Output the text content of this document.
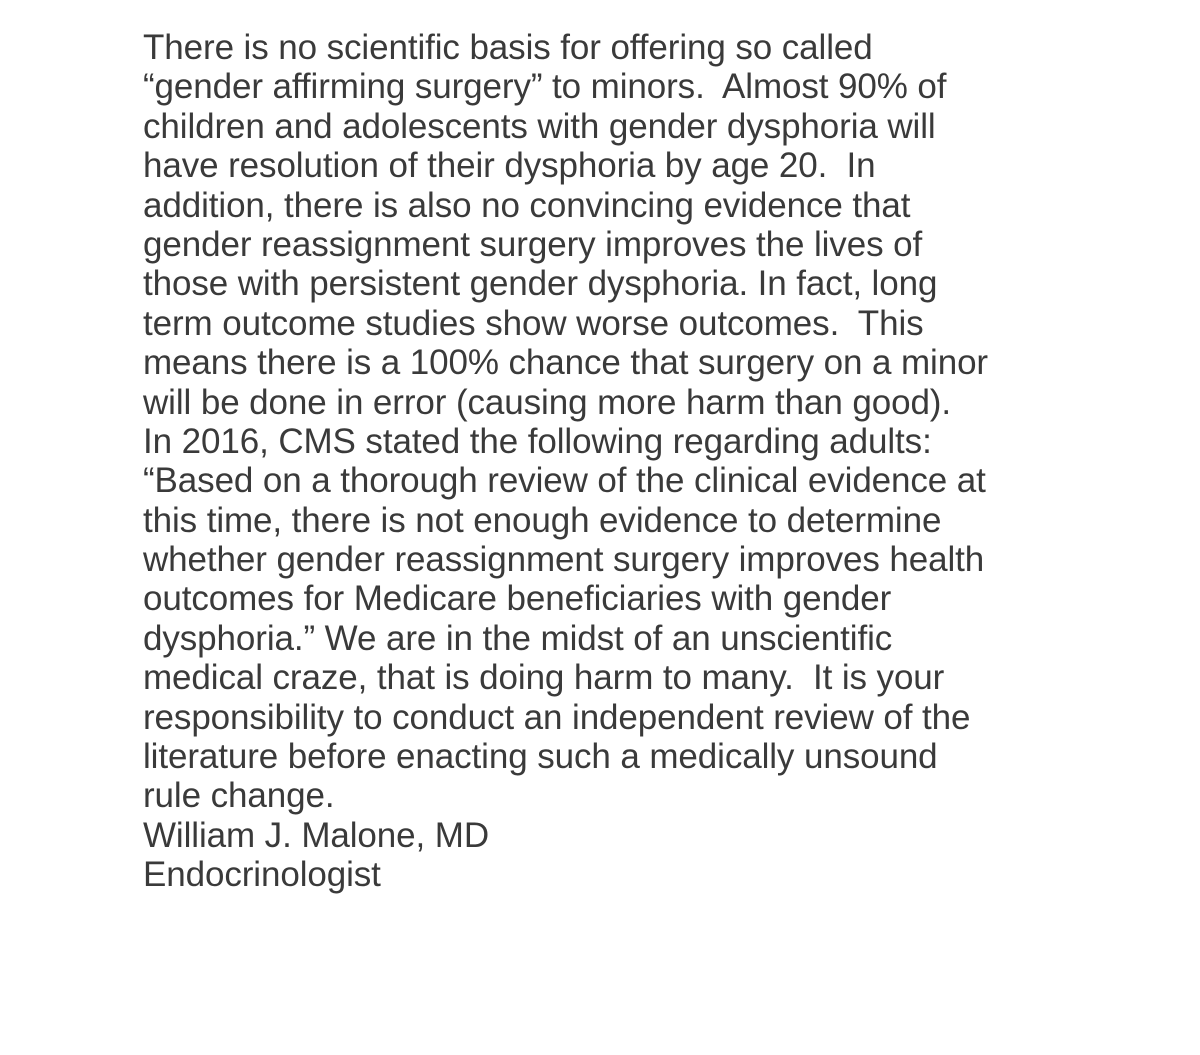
There is no scientific basis for offering so called
“gender affirming surgery” to minors.  Almost 90% of
children and adolescents with gender dysphoria will
have resolution of their dysphoria by age 20.  In
addition, there is also no convincing evidence that
gender reassignment surgery improves the lives of
those with persistent gender dysphoria. In fact, long
term outcome studies show worse outcomes.  This
means there is a 100% chance that surgery on a minor
will be done in error (causing more harm than good).
In 2016, CMS stated the following regarding adults:
“Based on a thorough review of the clinical evidence at
this time, there is not enough evidence to determine
whether gender reassignment surgery improves health
outcomes for Medicare beneficiaries with gender
dysphoria.” We are in the midst of an unscientific
medical craze, that is doing harm to many.  It is your
responsibility to conduct an independent review of the
literature before enacting such a medically unsound
rule change.
William J. Malone, MD
Endocrinologist
